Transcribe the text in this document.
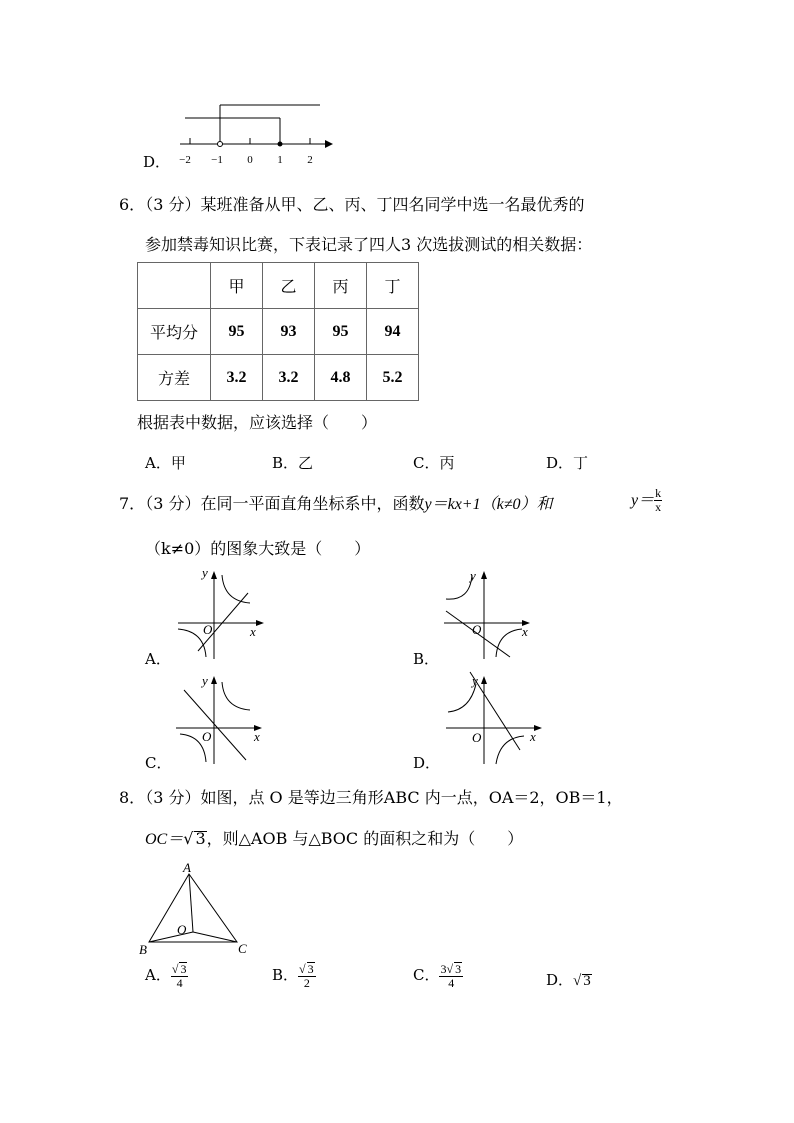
D． −2 −1 0 1 2
6．（3 分）某班准备从甲、乙、丙、丁四名同学中选一名最优秀的
参加禁毒知识比赛，下表记录了四人3 次选拔测试的相关数据：
	甲	乙	丙	丁
平均分	95	93	95	94
方差	3.2	3.2	4.8	5.2
根据表中数据，应该选择（　　）
A．甲	B．乙	C．丙	D．丁
7．（3 分）在同一平面直角坐标系中，函数y＝kx+1（k≠0）和	$y= \frac{k}{x}$
（k≠0）的图象大致是（　　）
A．
y
x
O
B．
y
x
O
C．
y
x
O
D．
y
x
O
8．（3 分）如图，点 O 是等边三角形ABC 内一点，OA＝2，OB＝1，
OC＝√ 3，则△AOB 与△BOC 的面积之和为（　　）
A
B	C
O
A． $\frac{√ 3}{4}$	B． $\frac{√ 3}{2}$	C． $\frac{3√ 3}{4}$	D．√ 3
